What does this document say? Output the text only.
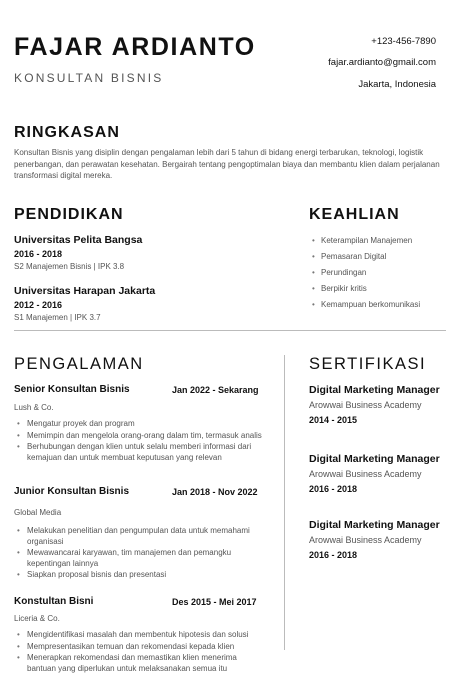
FAJAR ARDIANTO
KONSULTAN BISNIS
+123-456-7890
fajar.ardianto@gmail.com
Jakarta, Indonesia
RINGKASAN
Konsultan Bisnis yang disiplin dengan pengalaman lebih dari 5 tahun di bidang energi terbarukan, teknologi, logistik penerbangan, dan perawatan kesehatan. Bergairah tentang pengoptimalan biaya dan membantu klien dalam perjalanan transformasi digital mereka.
PENDIDIKAN
Universitas Pelita Bangsa
2016 - 2018
S2 Manajemen Bisnis | IPK 3.8
Universitas Harapan Jakarta
2012 - 2016
S1 Manajemen | IPK 3.7
KEAHLIAN
• Keterampilan Manajemen
• Pemasaran Digital
• Perundingan
• Berpikir kritis
• Kemampuan berkomunikasi
PENGALAMAN
Senior Konsultan Bisnis	Jan 2022 - Sekarang
Lush & Co.
• Mengatur proyek dan program
• Memimpin dan mengelola orang-orang dalam tim, termasuk analis
• Berhubungan dengan klien untuk selalu memberi informasi dari kemajuan dan untuk membuat keputusan yang relevan
Junior Konsultan Bisnis	Jan 2018 - Nov 2022
Global Media
• Melakukan penelitian dan pengumpulan data untuk memahami organisasi
• Mewawancarai karyawan, tim manajemen dan pemangku kepentingan lainnya
• Siapkan proposal bisnis dan presentasi
Konstultan Bisni	Des 2015 - Mei 2017
Liceria & Co.
• Mengidentifikasi masalah dan membentuk hipotesis dan solusi
• Mempresentasikan temuan dan rekomendasi kepada klien
• Menerapkan rekomendasi dan memastikan klien menerima bantuan yang diperlukan untuk melaksanakan semua itu
SERTIFIKASI
Digital Marketing Manager
Arowwai Business Academy
2014 - 2015
Digital Marketing Manager
Arowwai Business Academy
2016 - 2018
Digital Marketing Manager
Arowwai Business Academy
2016 - 2018
